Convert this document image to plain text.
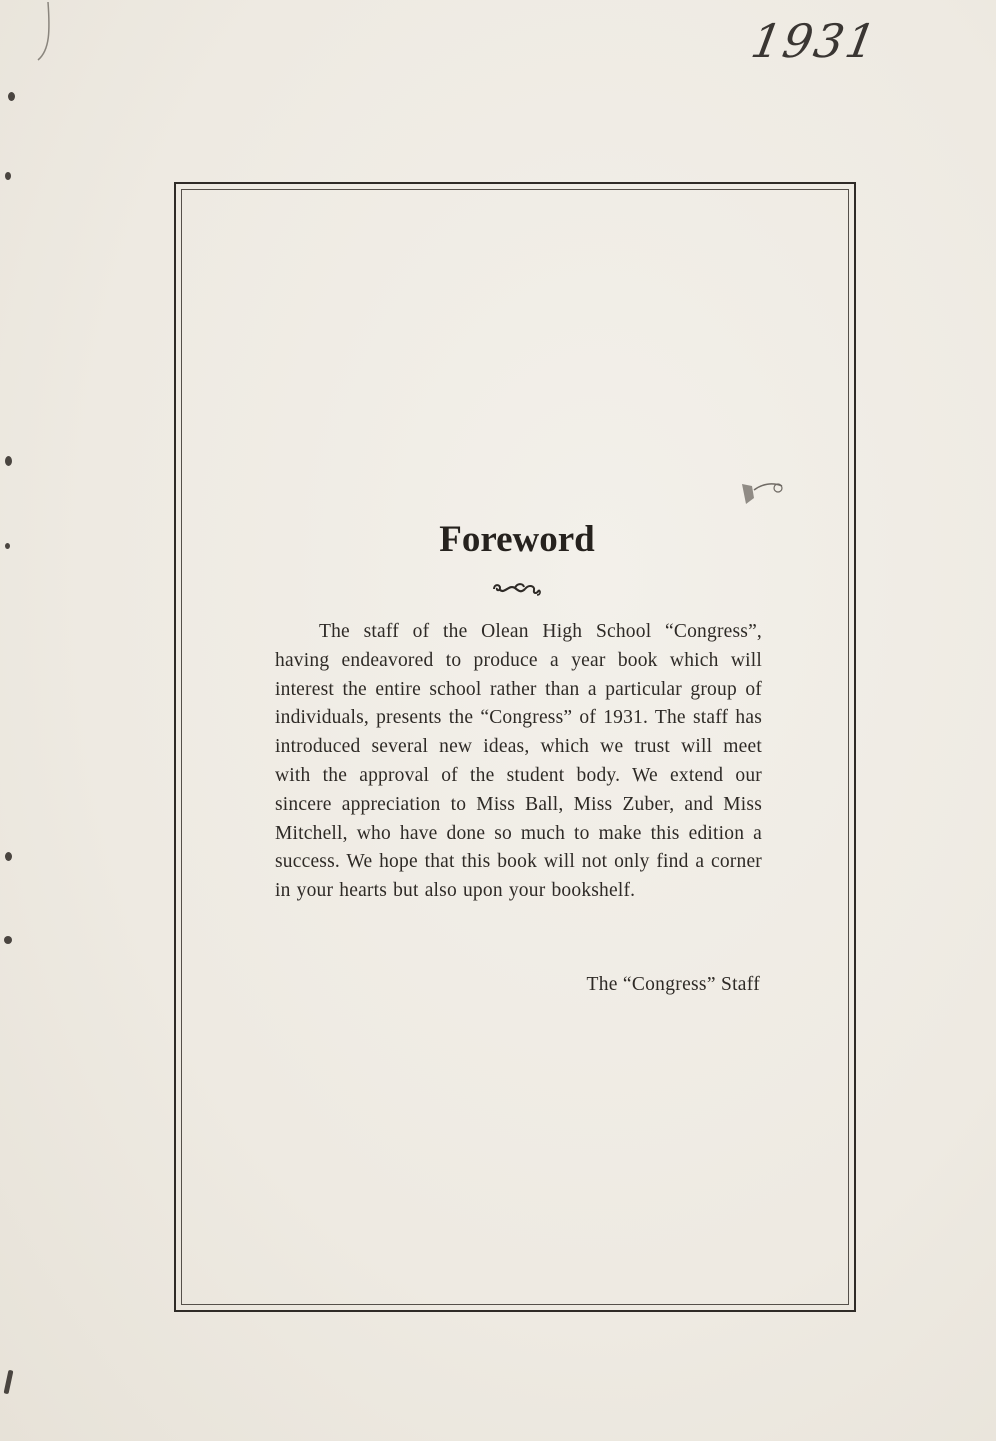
1931
Foreword

The staff of the Olean High School “Congress”, having endeavored to produce a year book which will interest the entire school rather than a particular group of individuals, presents the “Congress” of 1931. The staff has introduced several new ideas, which we trust will meet with the approval of the student body. We extend our sincere appreciation to Miss Ball, Miss Zuber, and Miss Mitchell, who have done so much to make this edition a success. We hope that this book will not only find a corner in your hearts but also upon your bookshelf.

The “Congress” Staff
